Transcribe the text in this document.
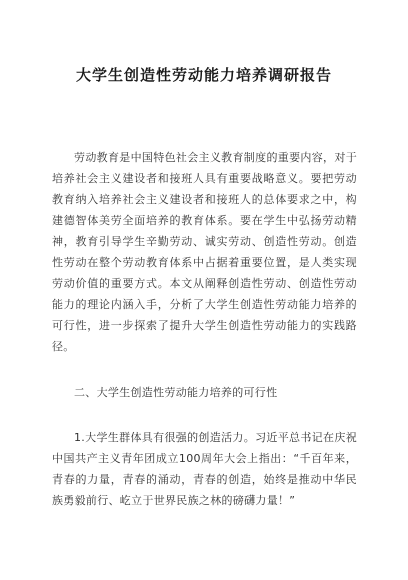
大学生创造性劳动能力培养调研报告

劳动教育是中国特色社会主义教育制度的重要内容，对于培养社会主义建设者和接班人具有重要战略意义。要把劳动教育纳入培养社会主义建设者和接班人的总体要求之中，构建德智体美劳全面培养的教育体系。要在学生中弘扬劳动精神，教育引导学生辛勤劳动、诚实劳动、创造性劳动。创造性劳动在整个劳动教育体系中占据着重要位置，是人类实现劳动价值的重要方式。本文从阐释创造性劳动、创造性劳动能力的理论内涵入手，分析了大学生创造性劳动能力培养的可行性，进一步探索了提升大学生创造性劳动能力的实践路径。

二、大学生创造性劳动能力培养的可行性

1.大学生群体具有很强的创造活力。习近平总书记在庆祝中国共产主义青年团成立100周年大会上指出：“千百年来，青春的力量，青春的涌动，青春的创造，始终是推动中华民族勇毅前行、屹立于世界民族之林的磅礴力量！”
